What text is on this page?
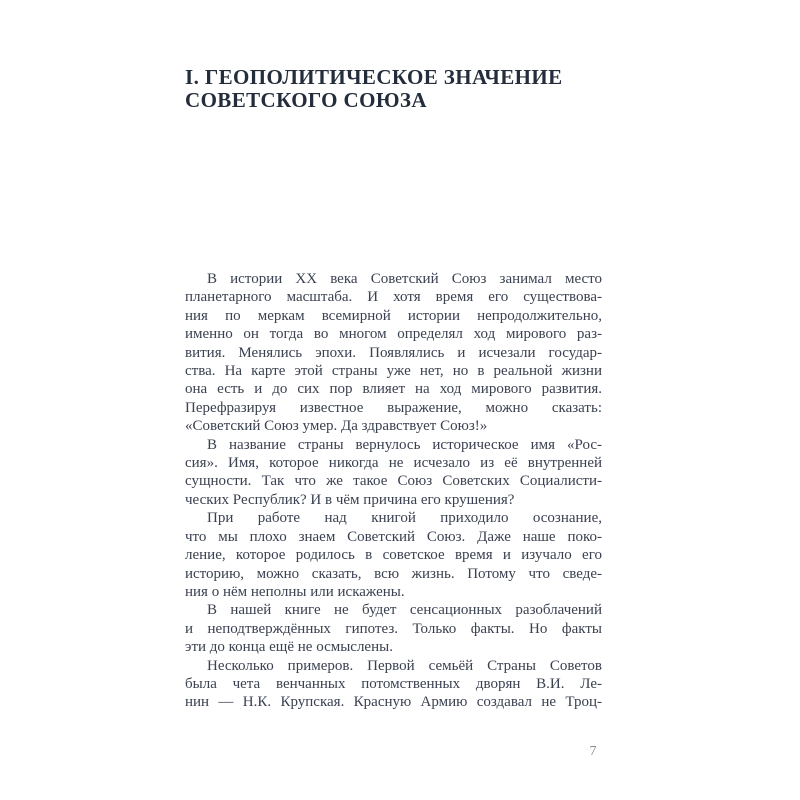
I. ГЕОПОЛИТИЧЕСКОЕ ЗНАЧЕНИЕ
СОВЕТСКОГО СОЮЗА
В истории XX века Советский Союз занимал место
планетарного масштаба. И хотя время его существова-
ния по меркам всемирной истории непродолжительно,
именно он тогда во многом определял ход мирового раз-
вития. Менялись эпохи. Появлялись и исчезали государ-
ства. На карте этой страны уже нет, но в реальной жизни
она есть и до сих пор влияет на ход мирового развития.
Перефразируя известное выражение, можно сказать:
«Советский Союз умер. Да здравствует Союз!»
В название страны вернулось историческое имя «Рос-
сия». Имя, которое никогда не исчезало из её внутренней
сущности. Так что же такое Союз Советских Социалисти-
ческих Республик? И в чём причина его крушения?
При работе над книгой приходило осознание,
что мы плохо знаем Советский Союз. Даже наше поко-
ление, которое родилось в советское время и изучало его
историю, можно сказать, всю жизнь. Потому что сведе-
ния о нём неполны или искажены.
В нашей книге не будет сенсационных разоблачений
и неподтверждённых гипотез. Только факты. Но факты
эти до конца ещё не осмыслены.
Несколько примеров. Первой семьёй Страны Советов
была чета венчанных потомственных дворян В.И. Ле-
нин — Н.К. Крупская. Красную Армию создавал не Троц-
7
